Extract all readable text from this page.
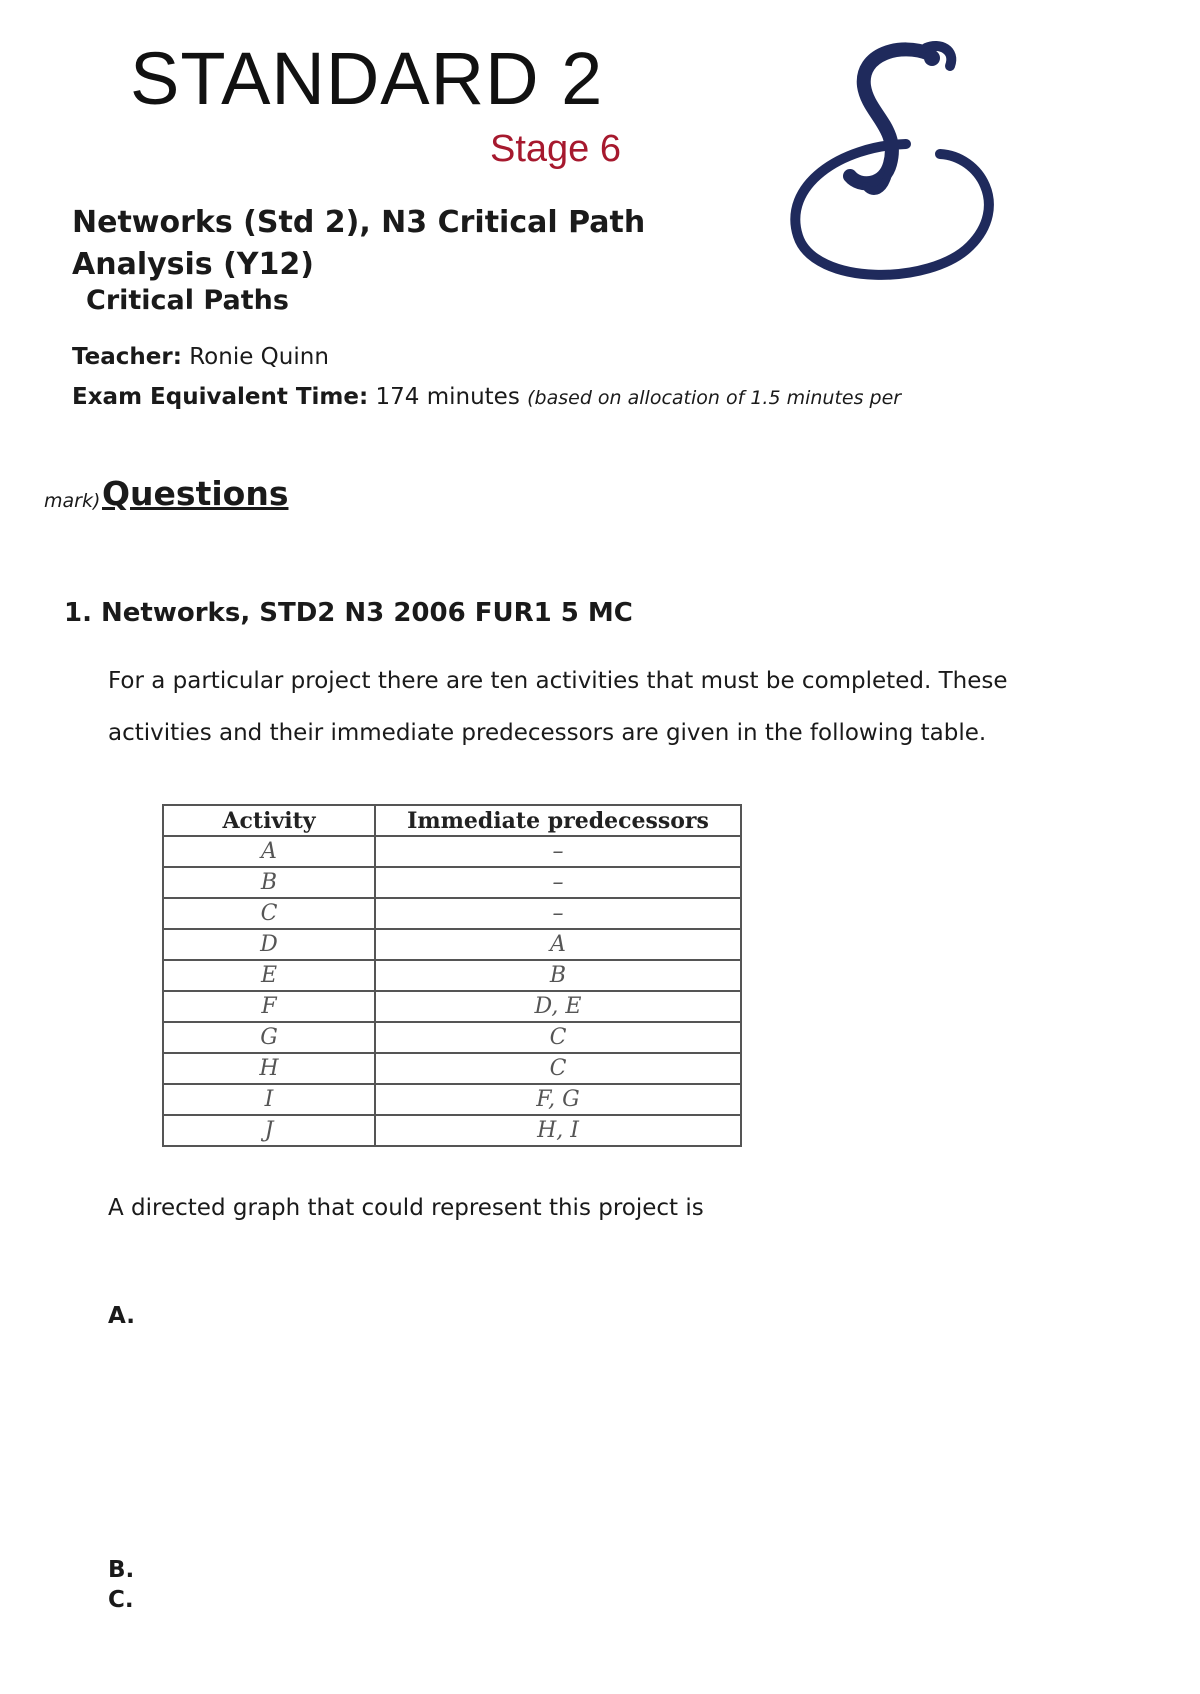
STANDARD 2
Stage 6
Networks (Std 2), N3 Critical Path Analysis (Y12)
Critical Paths
Teacher: Ronie Quinn
Exam Equivalent Time: 174 minutes (based on allocation of 1.5 minutes per
mark) Questions
1. Networks, STD2 N3 2006 FUR1 5 MC
For a particular project there are ten activities that must be completed. These activities and their immediate predecessors are given in the following table.
Activity	Immediate predecessors
A	–
B	–
C	–
D	A
E	B
F	D, E
G	C
H	C
I	F, G
J	H, I
A directed graph that could represent this project is
A.
B.
C.
